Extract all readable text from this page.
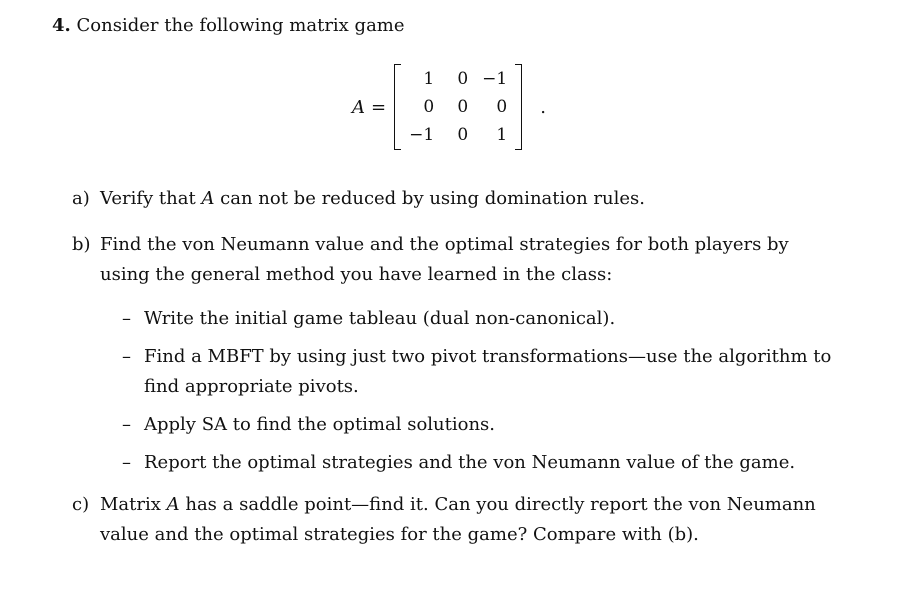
4. Consider the following matrix game
A =
1	0	−1
0	0	0
−1	0	1
.
a) Verify that A can not be reduced by using domination rules.
b) Find the von Neumann value and the optimal strategies for both players by using the general method you have learned in the class:
– Write the initial game tableau (dual non-canonical).
– Find a MBFT by using just two pivot transformations—use the algorithm to find appropriate pivots.
– Apply SA to find the optimal solutions.
– Report the optimal strategies and the von Neumann value of the game.
c) Matrix A has a saddle point—find it. Can you directly report the von Neumann value and the optimal strategies for the game? Compare with (b).
